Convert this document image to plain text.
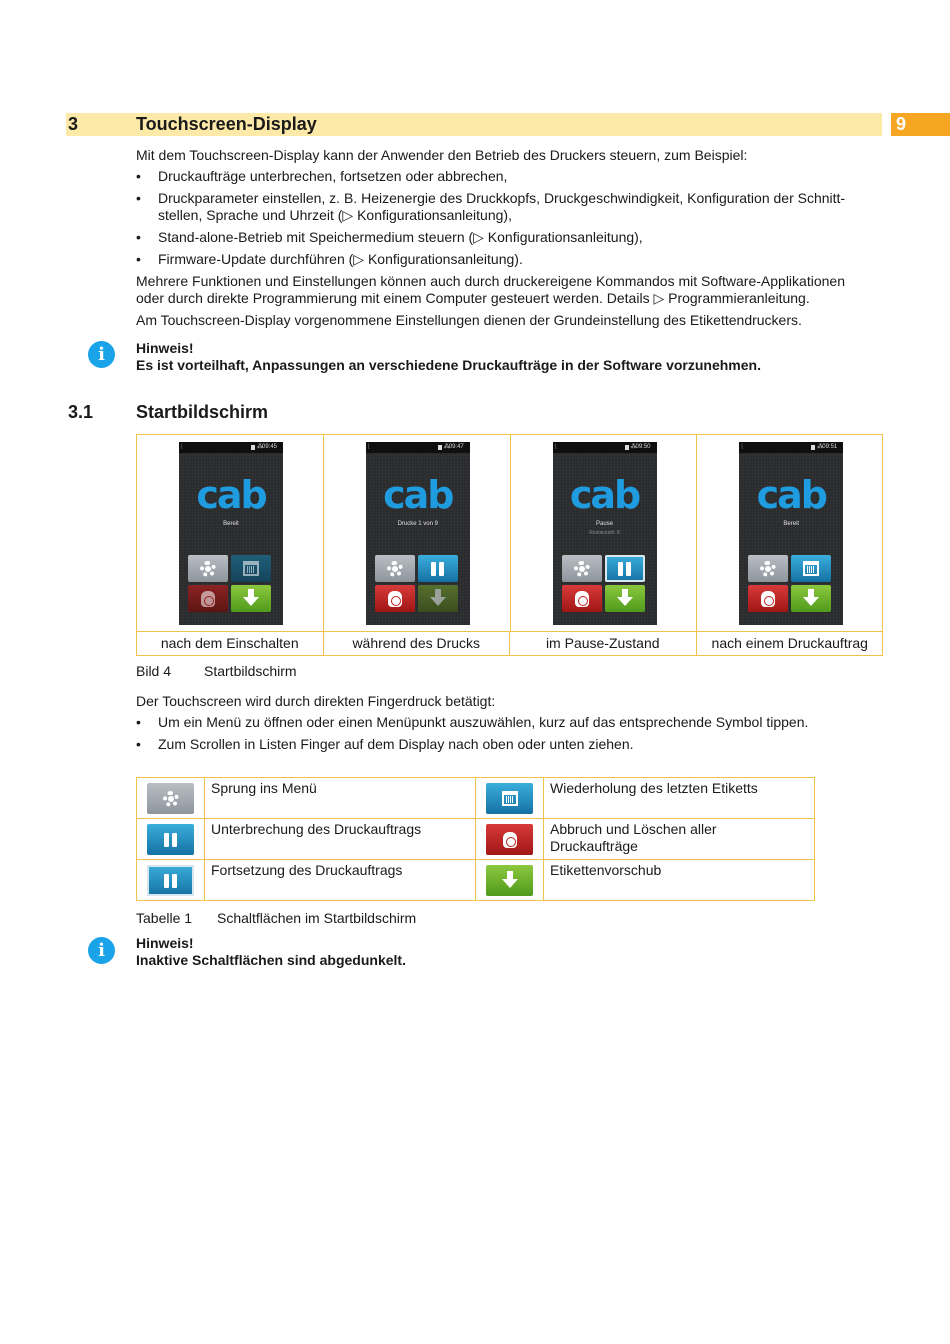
3	Touchscreen-Display	9
Mit dem Touchscreen-Display kann der Anwender den Betrieb des Druckers steuern, zum Beispiel:
• Druckaufträge unterbrechen, fortsetzen oder abbrechen,
• Druckparameter einstellen, z. B. Heizenergie des Druckkopfs, Druckgeschwindigkeit, Konfiguration der Schnitt-
stellen, Sprache und Uhrzeit (▷ Konfigurationsanleitung),
• Stand-alone-Betrieb mit Speichermedium steuern (▷ Konfigurationsanleitung),
• Firmware-Update durchführen (▷ Konfigurationsanleitung).
Mehrere Funktionen und Einstellungen können auch durch druckereigene Kommandos mit Software-Applikationen
oder durch direkte Programmierung mit einem Computer gesteuert werden. Details ▷ Programmieranleitung.
Am Touchscreen-Display vorgenommene Einstellungen dienen der Grundeinstellung des Etikettendruckers.
i	Hinweis!
Es ist vorteilhaft, Anpassungen an verschiedene Druckaufträge in der Software vorzunehmen.
3.1 Startbildschirm
⌊	⁂
09:45
cab
Bereit
⌊	⁂
09:47
cab
Drucke 1 von 9
⌊	⁂
09:50
cab
Pause
Restanzahl: 8
⌊	⁂
09:51
cab
Bereit
nach dem Einschalten	während des Drucks	im Pause-Zustand	nach einem Druckauftrag
Bild 4 Startbildschirm
Der Touchscreen wird durch direkten Fingerdruck betätigt:
• Um ein Menü zu öffnen oder einen Menüpunkt auszuwählen, kurz auf das entsprechende Symbol tippen.
• Zum Scrollen in Listen Finger auf dem Display nach oben oder unten ziehen.
Sprung ins Menü	Wiederholung des letzten Etiketts
Unterbrechung des Druckauftrags	Abbruch und Löschen aller
Druckaufträge
Fortsetzung des Druckauftrags	Etikettenvorschub
Tabelle 1	Schaltflächen im Startbildschirm
i	Hinweis!
Inaktive Schaltflächen sind abgedunkelt.
